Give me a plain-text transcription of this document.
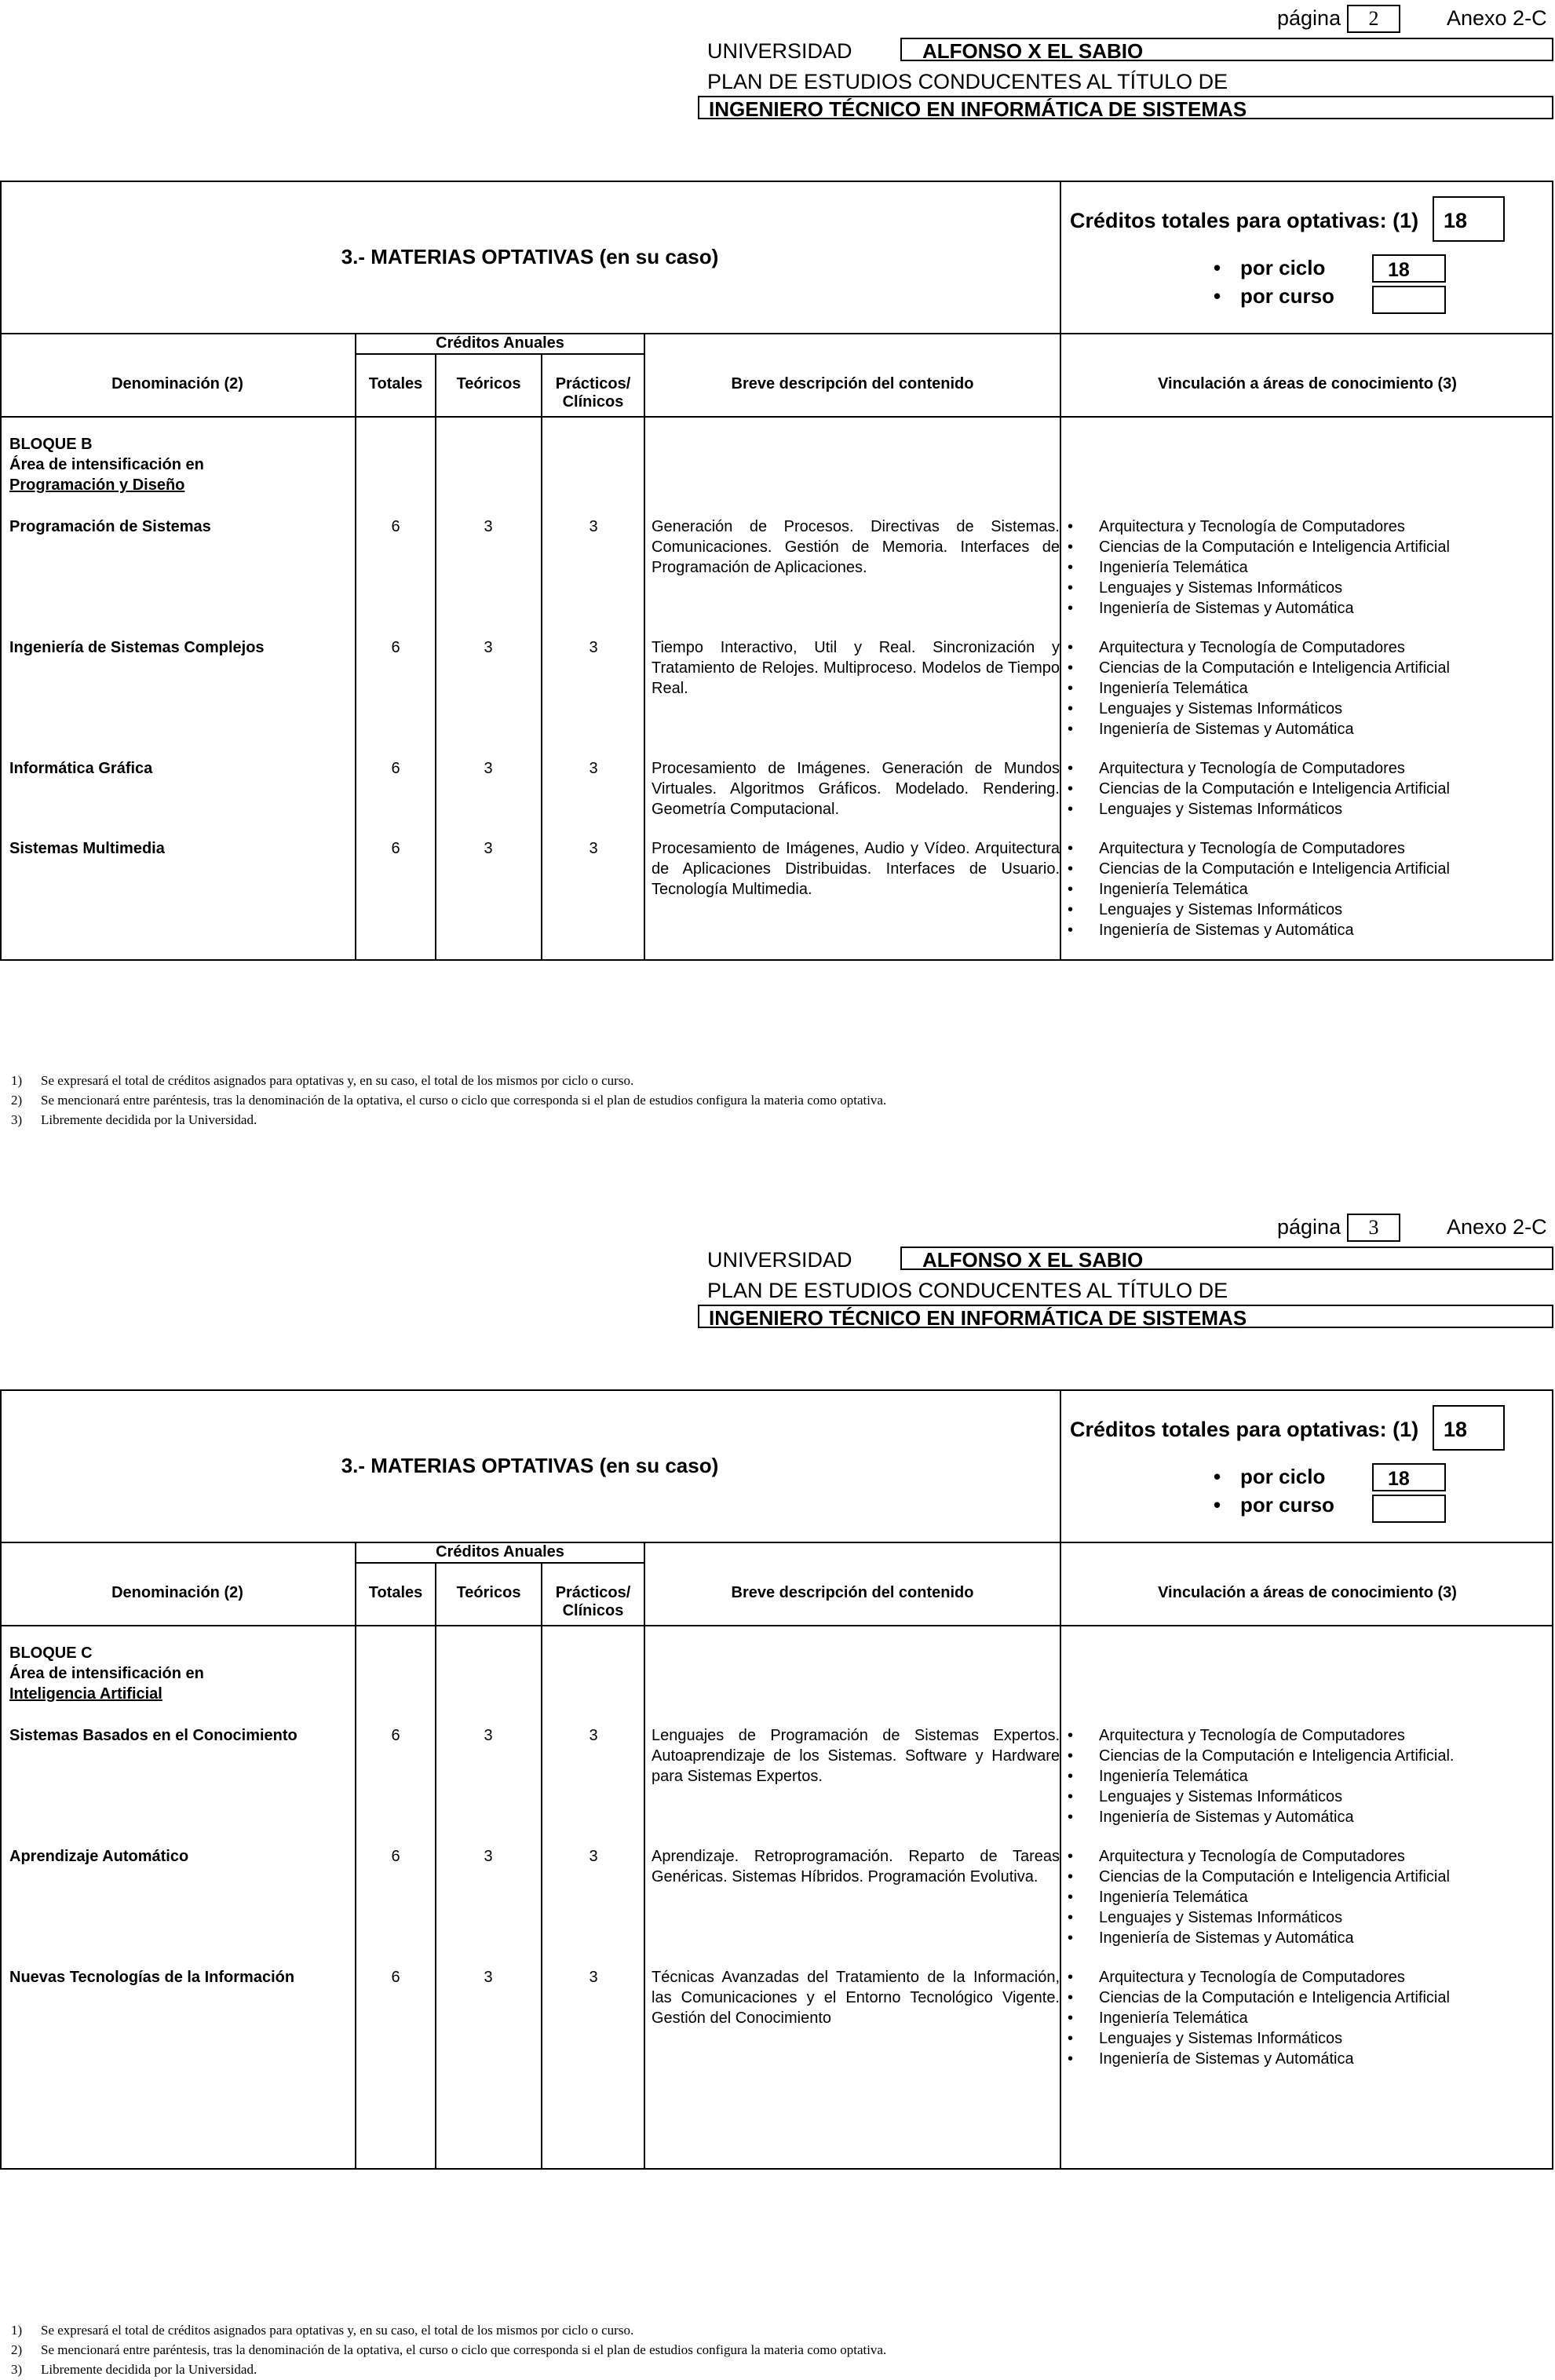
página	2	Anexo 2-C
UNIVERSIDAD	ALFONSO X EL SABIO
PLAN DE ESTUDIOS CONDUCENTES AL TÍTULO DE
INGENIERO TÉCNICO EN INFORMÁTICA DE SISTEMAS
3.- MATERIAS OPTATIVAS (en su caso)
Créditos totales para optativas: (1)	18
• por ciclo	18
• por curso
Denominación (2)
Créditos Anuales
Totales	Teóricos	Prácticos/
Clínicos
Breve descripción del contenido	Vinculación a áreas de conocimiento (3)
BLOQUE B
Área de intensificación en
Programación y Diseño
Programación de Sistemas	6	3	3	Generación de Procesos. Directivas de Sistemas. Comunicaciones. Gestión de Memoria. Interfaces de Programación de Aplicaciones.
• Arquitectura y Tecnología de Computadores
• Ciencias de la Computación e Inteligencia Artificial
• Ingeniería Telemática
• Lenguajes y Sistemas Informáticos
• Ingeniería de Sistemas y Automática
Ingeniería de Sistemas Complejos	6	3	3	Tiempo Interactivo, Util y Real. Sincronización y Tratamiento de Relojes. Multiproceso. Modelos de Tiempo Real.
• Arquitectura y Tecnología de Computadores
• Ciencias de la Computación e Inteligencia Artificial
• Ingeniería Telemática
• Lenguajes y Sistemas Informáticos
• Ingeniería de Sistemas y Automática
Informática Gráfica	6	3	3	Procesamiento de Imágenes. Generación de Mundos Virtuales. Algoritmos Gráficos. Modelado. Rendering. Geometría Computacional.
• Arquitectura y Tecnología de Computadores
• Ciencias de la Computación e Inteligencia Artificial
• Lenguajes y Sistemas Informáticos
Sistemas Multimedia	6	3	3	Procesamiento de Imágenes, Audio y Vídeo. Arquitectura de Aplicaciones Distribuidas. Interfaces de Usuario. Tecnología Multimedia.
• Arquitectura y Tecnología de Computadores
• Ciencias de la Computación e Inteligencia Artificial
• Ingeniería Telemática
• Lenguajes y Sistemas Informáticos
• Ingeniería de Sistemas y Automática
1)	Se expresará el total de créditos asignados para optativas y, en su caso, el total de los mismos por ciclo o curso.
2)	Se mencionará entre paréntesis, tras la denominación de la optativa, el curso o ciclo que corresponda si el plan de estudios configura la materia como optativa.
3)	Libremente decidida por la Universidad.
página	3	Anexo 2-C
UNIVERSIDAD	ALFONSO X EL SABIO
PLAN DE ESTUDIOS CONDUCENTES AL TÍTULO DE
INGENIERO TÉCNICO EN INFORMÁTICA DE SISTEMAS
3.- MATERIAS OPTATIVAS (en su caso)
Créditos totales para optativas: (1)	18
• por ciclo	18
• por curso
Denominación (2)
Créditos Anuales
Totales	Teóricos	Prácticos/
Clínicos
Breve descripción del contenido	Vinculación a áreas de conocimiento (3)
BLOQUE C
Área de intensificación en
Inteligencia Artificial
Sistemas Basados en el Conocimiento	6	3	3	Lenguajes de Programación de Sistemas Expertos. Autoaprendizaje de los Sistemas. Software y Hardware para Sistemas Expertos.
• Arquitectura y Tecnología de Computadores
• Ciencias de la Computación e Inteligencia Artificial.
• Ingeniería Telemática
• Lenguajes y Sistemas Informáticos
• Ingeniería de Sistemas y Automática
Aprendizaje Automático	6	3	3	Aprendizaje. Retroprogramación. Reparto de Tareas Genéricas. Sistemas Híbridos. Programación Evolutiva.
• Arquitectura y Tecnología de Computadores
• Ciencias de la Computación e Inteligencia Artificial
• Ingeniería Telemática
• Lenguajes y Sistemas Informáticos
• Ingeniería de Sistemas y Automática
Nuevas Tecnologías de la Información	6	3	3	Técnicas Avanzadas del Tratamiento de la Información, las Comunicaciones y el Entorno Tecnológico Vigente. Gestión del Conocimiento
• Arquitectura y Tecnología de Computadores
• Ciencias de la Computación e Inteligencia Artificial
• Ingeniería Telemática
• Lenguajes y Sistemas Informáticos
• Ingeniería de Sistemas y Automática
1)	Se expresará el total de créditos asignados para optativas y, en su caso, el total de los mismos por ciclo o curso.
2)	Se mencionará entre paréntesis, tras la denominación de la optativa, el curso o ciclo que corresponda si el plan de estudios configura la materia como optativa.
3)	Libremente decidida por la Universidad.
